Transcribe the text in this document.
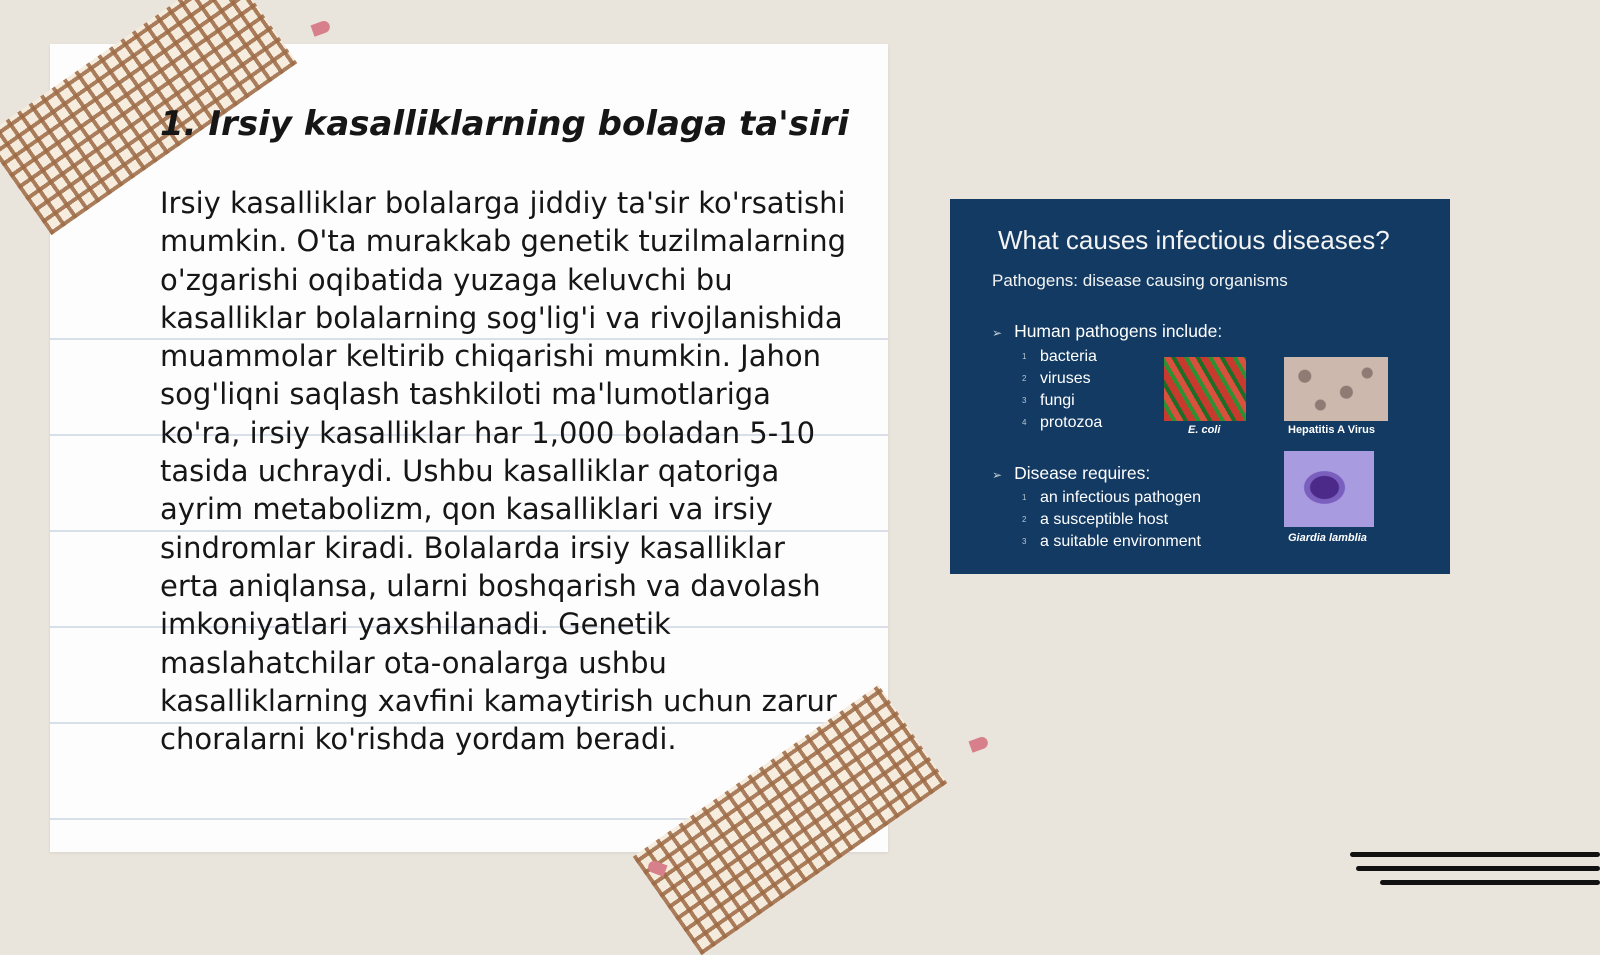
1. Irsiy kasalliklarning bolaga ta'siri

Irsiy kasalliklar bolalarga jiddiy ta'sir ko'rsatishi mumkin. O'ta murakkab genetik tuzilmalarning o'zgarishi oqibatida yuzaga keluvchi bu kasalliklar bolalarning sog'lig'i va rivojlanishida muammolar keltirib chiqarishi mumkin. Jahon sog'liqni saqlash tashkiloti ma'lumotlariga ko'ra, irsiy kasalliklar har 1,000 boladan 5-10 tasida uchraydi. Ushbu kasalliklar qatoriga ayrim metabolizm, qon kasalliklari va irsiy sindromlar kiradi. Bolalarda irsiy kasalliklar erta aniqlansa, ularni boshqarish va davolash imkoniyatlari yaxshilanadi. Genetik maslahatchilar ota-onalarga ushbu kasalliklarning xavfini kamaytirish uchun zarur choralarni ko'rishda yordam beradi.

What causes infectious diseases?
Pathogens: disease causing organisms
➢ Human pathogens include:
1 bacteria
2 viruses
3 fungi
4 protozoa
➢ Disease requires:
1 an infectious pathogen
2 a susceptible host
3 a suitable environment
E. coli	Hepatitis A Virus
Giardia lamblia
